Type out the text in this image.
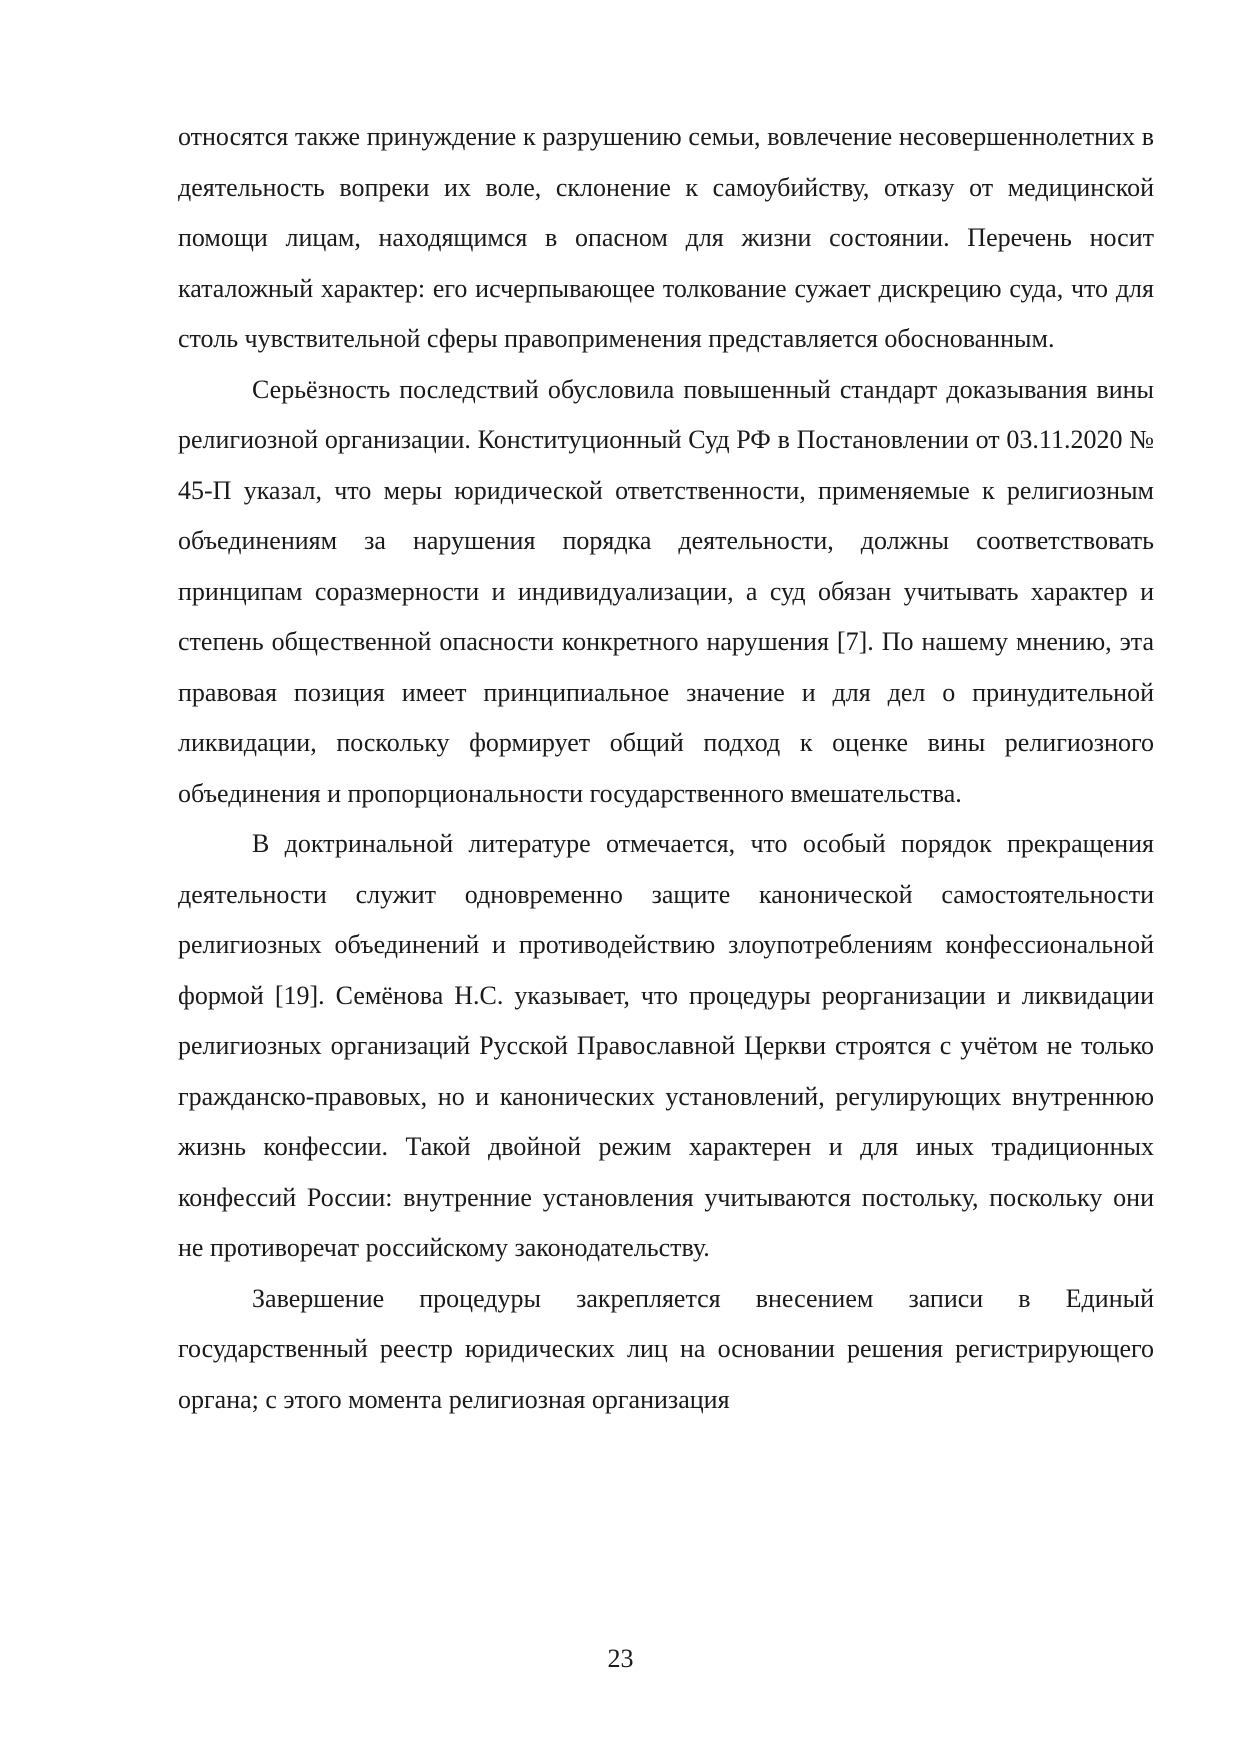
относятся также принуждение к разрушению семьи, вовлечение несовершеннолетних в деятельность вопреки их воле, склонение к самоубийству, отказу от медицинской помощи лицам, находящимся в опасном для жизни состоянии. Перечень носит каталожный характер: его исчерпывающее толкование сужает дискрецию суда, что для столь чувствительной сферы правоприменения представляется обоснованным.

Серьёзность последствий обусловила повышенный стандарт доказывания вины религиозной организации. Конституционный Суд РФ в Постановлении от 03.11.2020 № 45-П указал, что меры юридической ответственности, применяемые к религиозным объединениям за нарушения порядка деятельности, должны соответствовать принципам соразмерности и индивидуализации, а суд обязан учитывать характер и степень общественной опасности конкретного нарушения [7]. По нашему мнению, эта правовая позиция имеет принципиальное значение и для дел о принудительной ликвидации, поскольку формирует общий подход к оценке вины религиозного объединения и пропорциональности государственного вмешательства.

В доктринальной литературе отмечается, что особый порядок прекращения деятельности служит одновременно защите канонической самостоятельности религиозных объединений и противодействию злоупотреблениям конфессиональной формой [19]. Семёнова Н.С. указывает, что процедуры реорганизации и ликвидации религиозных организаций Русской Православной Церкви строятся с учётом не только гражданско-правовых, но и канонических установлений, регулирующих внутреннюю жизнь конфессии. Такой двойной режим характерен и для иных традиционных конфессий России: внутренние установления учитываются постольку, поскольку они не противоречат российскому законодательству.

Завершение процедуры закрепляется внесением записи в Единый государственный реестр юридических лиц на основании решения регистрирующего органа; с этого момента религиозная организация

23
